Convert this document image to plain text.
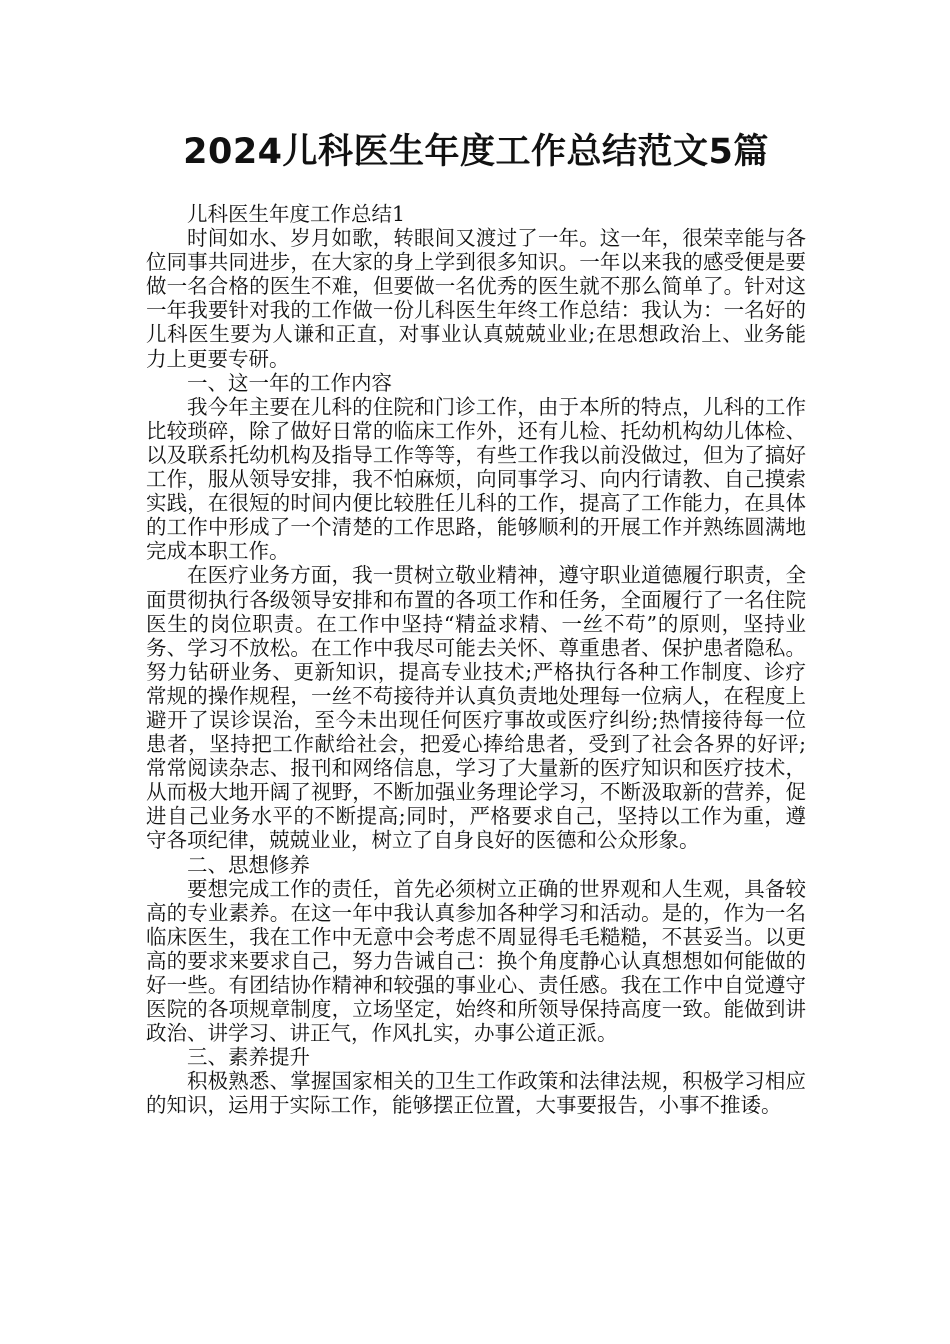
2024儿科医生年度工作总结范文5篇

儿科医生年度工作总结1

时间如水、岁月如歌，转眼间又渡过了一年。这一年，很荣幸能与各位同事共同进步，在大家的身上学到很多知识。一年以来我的感受便是要做一名合格的医生不难，但要做一名优秀的医生就不那么简单了。针对这一年我要针对我的工作做一份儿科医生年终工作总结：我认为：一名好的儿科医生要为人谦和正直，对事业认真兢兢业业;在思想政治上、业务能力上更要专研。

一、这一年的工作内容

我今年主要在儿科的住院和门诊工作，由于本所的特点，儿科的工作比较琐碎，除了做好日常的临床工作外，还有儿检、托幼机构幼儿体检、以及联系托幼机构及指导工作等等，有些工作我以前没做过，但为了搞好工作，服从领导安排，我不怕麻烦，向同事学习、向内行请教、自己摸索实践，在很短的时间内便比较胜任儿科的工作，提高了工作能力，在具体的工作中形成了一个清楚的工作思路，能够顺利的开展工作并熟练圆满地完成本职工作。

在医疗业务方面，我一贯树立敬业精神，遵守职业道德履行职责，全面贯彻执行各级领导安排和布置的各项工作和任务，全面履行了一名住院医生的岗位职责。在工作中坚持“精益求精、一丝不苟”的原则，坚持业务、学习不放松。在工作中我尽可能去关怀、尊重患者、保护患者隐私。努力钻研业务、更新知识，提高专业技术;严格执行各种工作制度、诊疗常规的操作规程，一丝不苟接待并认真负责地处理每一位病人，在程度上避开了误诊误治，至今未出现任何医疗事故或医疗纠纷;热情接待每一位患者，坚持把工作献给社会，把爱心捧给患者，受到了社会各界的好评;常常阅读杂志、报刊和网络信息，学习了大量新的医疗知识和医疗技术，从而极大地开阔了视野，不断加强业务理论学习，不断汲取新的营养，促进自己业务水平的不断提高;同时，严格要求自己，坚持以工作为重，遵守各项纪律，兢兢业业，树立了自身良好的医德和公众形象。

二、思想修养

要想完成工作的责任，首先必须树立正确的世界观和人生观，具备较高的专业素养。在这一年中我认真参加各种学习和活动。是的，作为一名临床医生，我在工作中无意中会考虑不周显得毛毛糙糙，不甚妥当。以更高的要求来要求自己，努力告诫自己：换个角度静心认真想想如何能做的好一些。有团结协作精神和较强的事业心、责任感。我在工作中自觉遵守医院的各项规章制度，立场坚定，始终和所领导保持高度一致。能做到讲政治、讲学习、讲正气，作风扎实，办事公道正派。

三、素养提升

积极熟悉、掌握国家相关的卫生工作政策和法律法规，积极学习相应的知识，运用于实际工作，能够摆正位置，大事要报告，小事不推诿。
